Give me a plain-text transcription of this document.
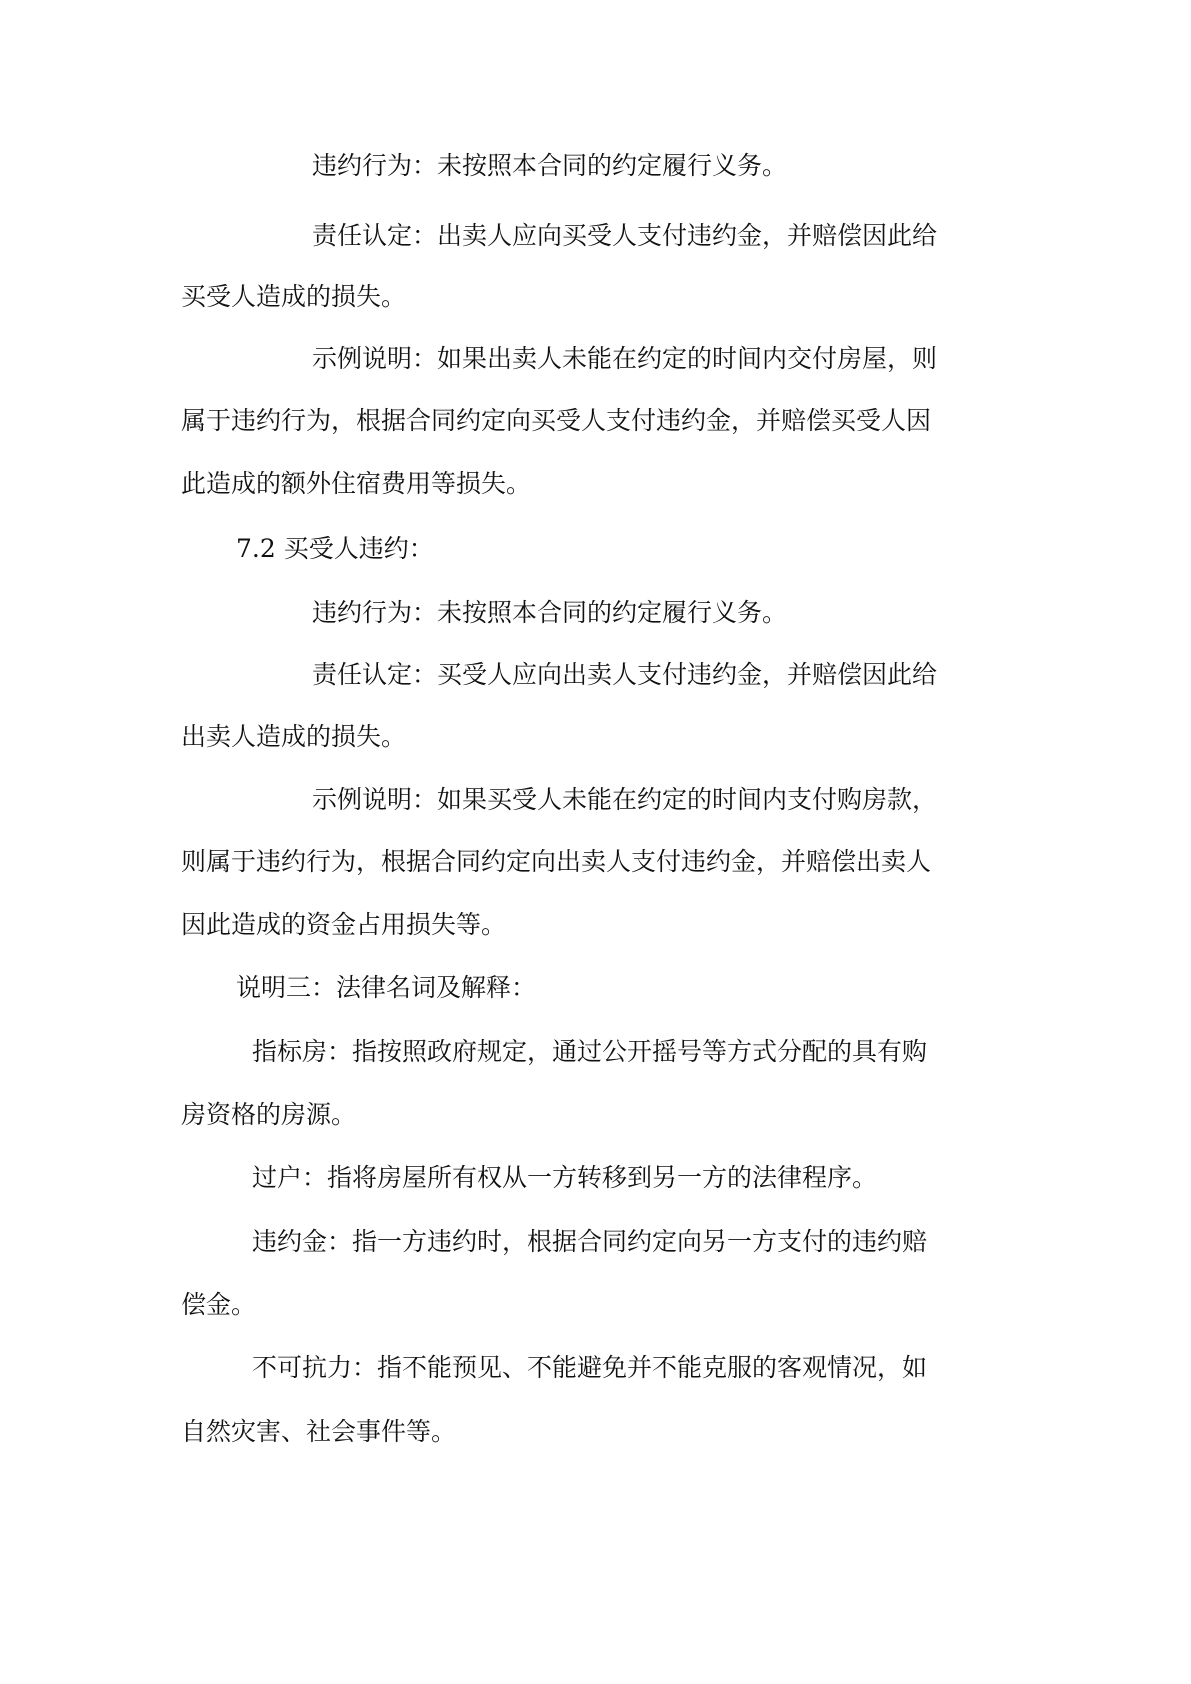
违约行为：未按照本合同的约定履行义务。

责任认定：出卖人应向买受人支付违约金，并赔偿因此给

买受人造成的损失。

示例说明：如果出卖人未能在约定的时间内交付房屋，则

属于违约行为，根据合同约定向买受人支付违约金，并赔偿买受人因

此造成的额外住宿费用等损失。

7.2 买受人违约：

违约行为：未按照本合同的约定履行义务。

责任认定：买受人应向出卖人支付违约金，并赔偿因此给

出卖人造成的损失。

示例说明：如果买受人未能在约定的时间内支付购房款，

则属于违约行为，根据合同约定向出卖人支付违约金，并赔偿出卖人

因此造成的资金占用损失等。

说明三：法律名词及解释：

指标房：指按照政府规定，通过公开摇号等方式分配的具有购

房资格的房源。

过户：指将房屋所有权从一方转移到另一方的法律程序。

违约金：指一方违约时，根据合同约定向另一方支付的违约赔

偿金。

不可抗力：指不能预见、不能避免并不能克服的客观情况，如

自然灾害、社会事件等。
